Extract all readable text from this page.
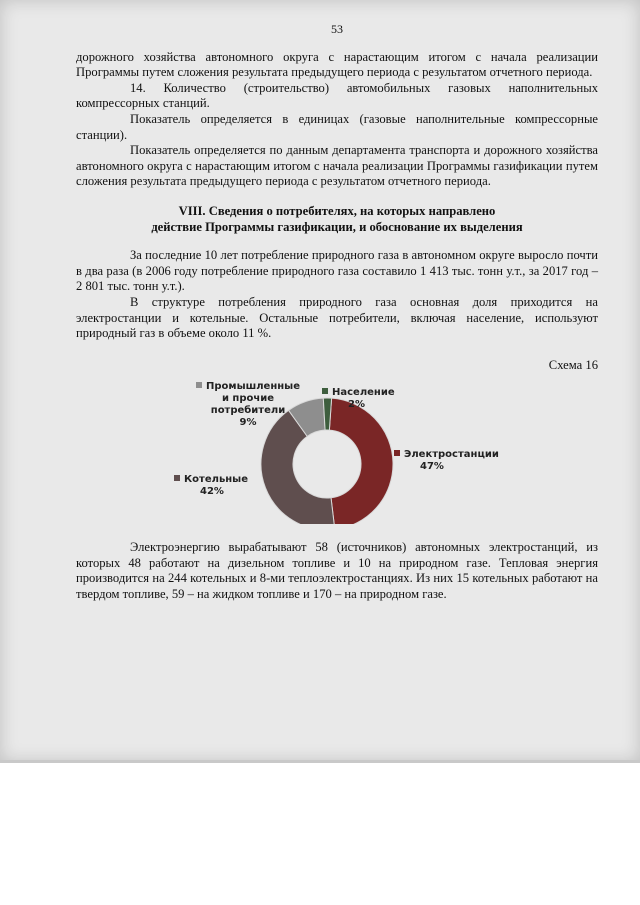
53

дорожного хозяйства автономного округа с нарастающим итогом с начала реализации Программы путем сложения результата предыдущего периода с результатом отчетного периода.

14. Количество (строительство) автомобильных газовых наполнительных компрессорных станций.

Показатель определяется в единицах (газовые наполнительные компрессорные станции).

Показатель определяется по данным департамента транспорта и дорожного хозяйства автономного округа с нарастающим итогом с начала реализации Программы газификации путем сложения результата предыдущего периода с результатом отчетного периода.

VIII. Сведения о потребителях, на которых направлено
действие Программы газификации, и обоснование их выделения

За последние 10 лет потребление природного газа в автономном округе выросло почти в два раза (в 2006 году потребление природного газа составило 1 413 тыс. тонн у.т., за 2017 год – 2 801 тыс. тонн у.т.).

В структуре потребления природного газа основная доля приходится на электростанции и котельные. Остальные потребители, включая население, используют природный газ в объеме около 11 %.

Схема 16
Электростанции
47%
Котельные
42%
Промышленные
и прочие
потребители
9%
Население
2%

Электроэнергию вырабатывают 58 (источников) автономных электростанций, из которых 48 работают на дизельном топливе и 10 на природном газе. Тепловая энергия производится на 244 котельных и 8-ми теплоэлектростанциях. Из них 15 котельных работают на твердом топливе, 59 – на жидком топливе и 170 – на природном газе.
